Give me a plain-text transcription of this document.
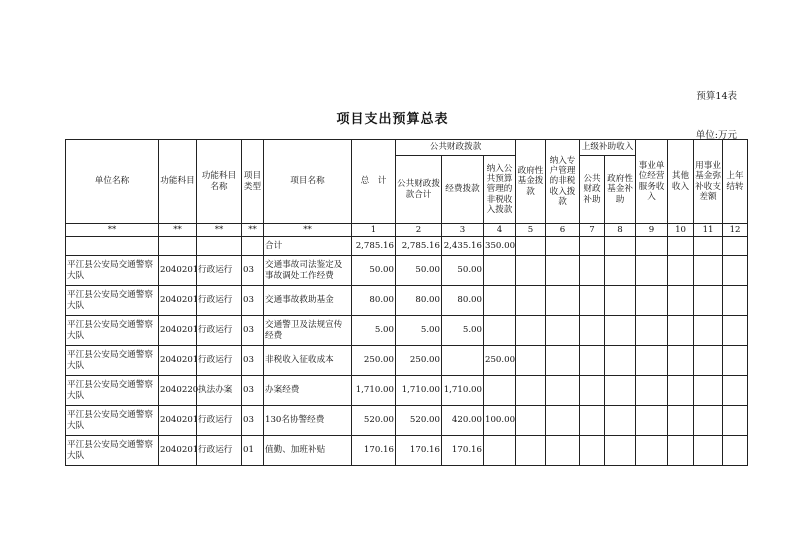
预算14表
项目支出预算总表
单位:万元
单位名称	功能科目	功能科目名称	项目类型	项目名称	总　计	公共财政拨款			政府性基金拨款	纳入专户管理的非税收入拨款	上级补助收入		事业单位经营服务收入	其他收入	用事业基金弥补收支差额	上年结转
						公共财政拨款合计	经费拨款	纳入公共预算管理的非税收入拨款			公共财政补助	政府性基金补助				
**	**	**	**	**	1	2	3	4	5	6	7	8	9	10	11	12
				合计	2,785.16	2,785.16	2,435.16	350.00								
平江县公安局交通警察大队	2040201	行政运行	03	交通事故司法鉴定及事故调处工作经费	50.00	50.00	50.00									
平江县公安局交通警察大队	2040201	行政运行	03	交通事故救助基金	80.00	80.00	80.00									
平江县公安局交通警察大队	2040201	行政运行	03	交通警卫及法规宣传经费	5.00	5.00	5.00									
平江县公安局交通警察大队	2040201	行政运行	03	非税收入征收成本	250.00	250.00		250.00								
平江县公安局交通警察大队	2040220	执法办案	03	办案经费	1,710.00	1,710.00	1,710.00									
平江县公安局交通警察大队	2040201	行政运行	03	130名协警经费	520.00	520.00	420.00	100.00								
平江县公安局交通警察大队	2040201	行政运行	01	值勤、加班补贴	170.16	170.16	170.16									
